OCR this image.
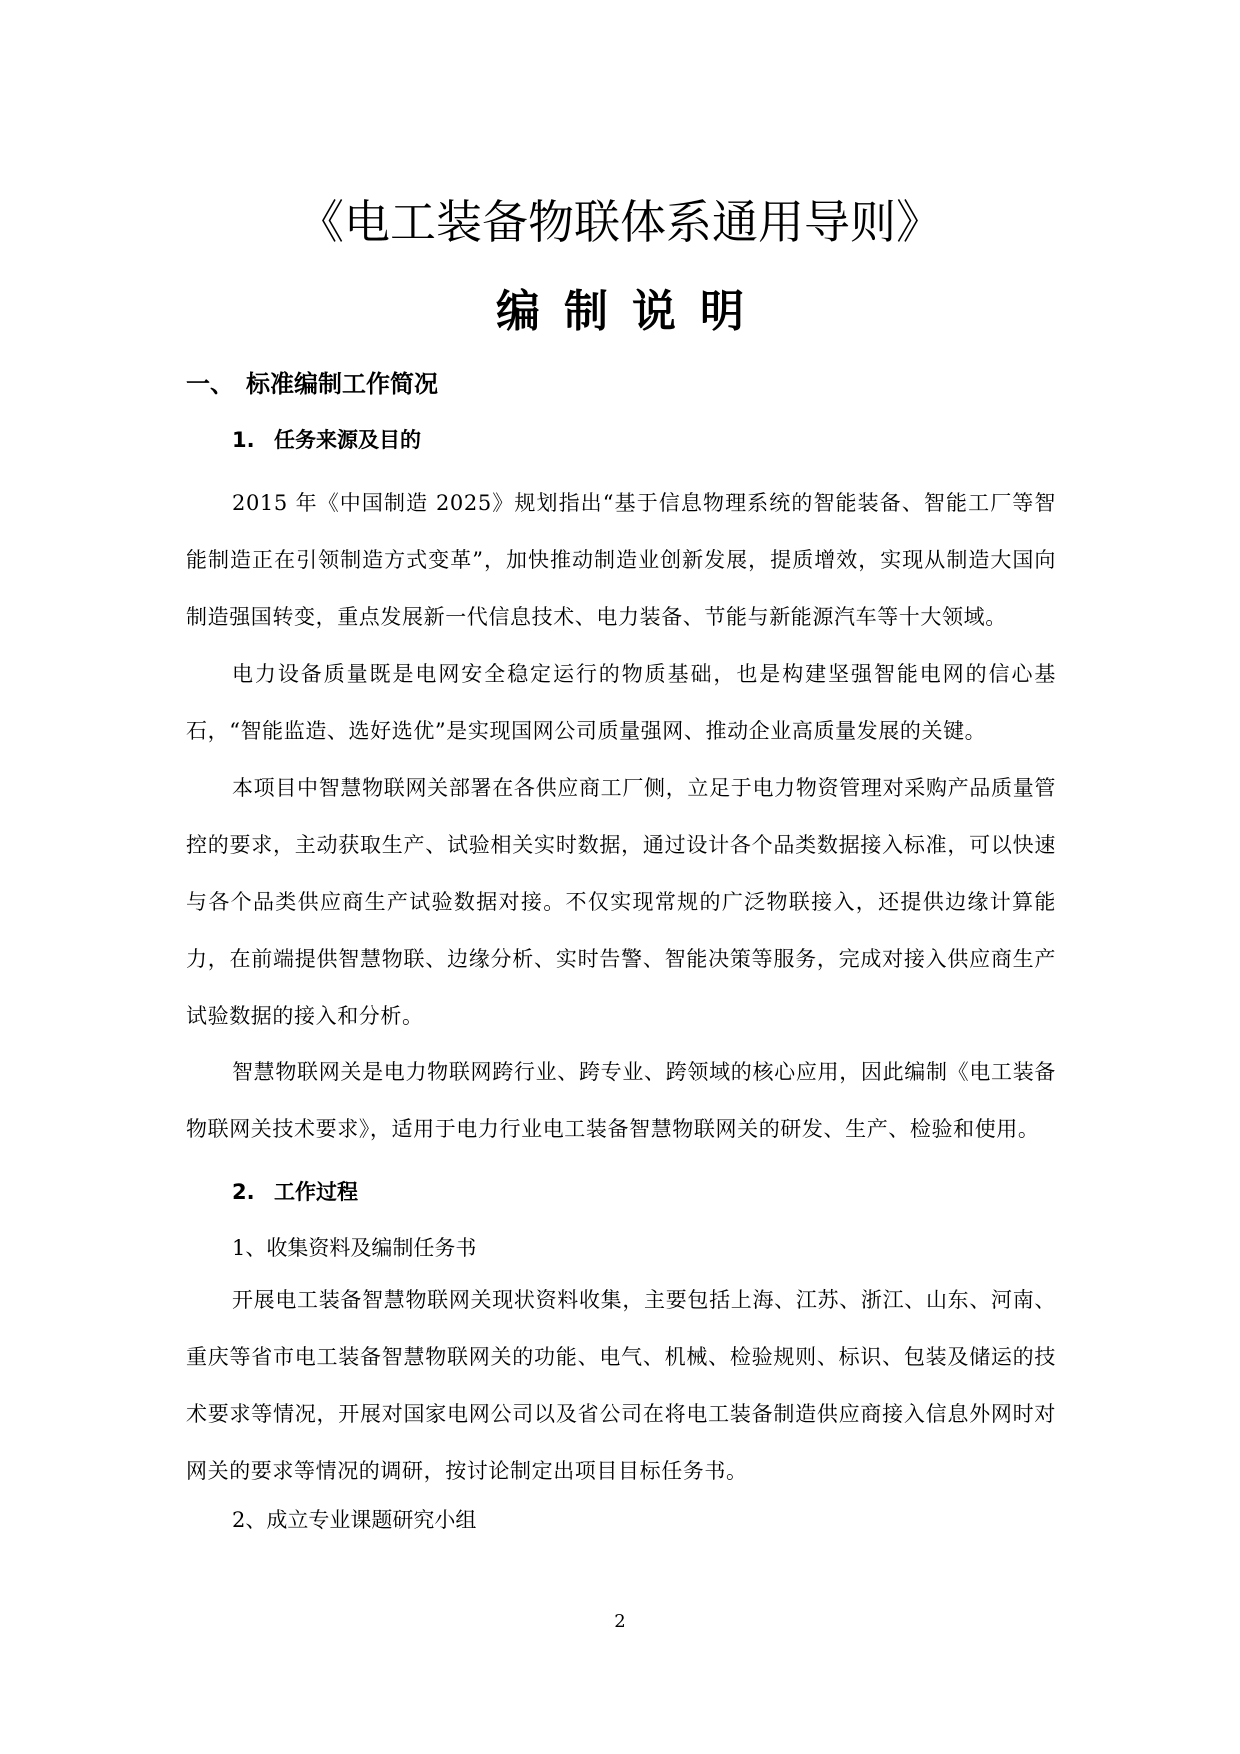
《电工装备物联体系通用导则》
编制说明
一、 标准编制工作简况
1. 任务来源及目的
2015 年《中国制造 2025》规划指出“基于信息物理系统的智能装备、智能工厂等智能制造正在引领制造方式变革”，加快推动制造业创新发展，提质增效，实现从制造大国向制造强国转变，重点发展新一代信息技术、电力装备、节能与新能源汽车等十大领域。
电力设备质量既是电网安全稳定运行的物质基础，也是构建坚强智能电网的信心基石，“智能监造、选好选优”是实现国网公司质量强网、推动企业高质量发展的关键。
本项目中智慧物联网关部署在各供应商工厂侧，立足于电力物资管理对采购产品质量管控的要求，主动获取生产、试验相关实时数据，通过设计各个品类数据接入标准，可以快速与各个品类供应商生产试验数据对接。不仅实现常规的广泛物联接入，还提供边缘计算能力，在前端提供智慧物联、边缘分析、实时告警、智能决策等服务，完成对接入供应商生产试验数据的接入和分析。
智慧物联网关是电力物联网跨行业、跨专业、跨领域的核心应用，因此编制《电工装备物联网关技术要求》，适用于电力行业电工装备智慧物联网关的研发、生产、检验和使用。
2. 工作过程
1、收集资料及编制任务书
开展电工装备智慧物联网关现状资料收集，主要包括上海、江苏、浙江、山东、河南、重庆等省市电工装备智慧物联网关的功能、电气、机械、检验规则、标识、包装及储运的技术要求等情况，开展对国家电网公司以及省公司在将电工装备制造供应商接入信息外网时对网关的要求等情况的调研，按讨论制定出项目目标任务书。
2、成立专业课题研究小组
2
